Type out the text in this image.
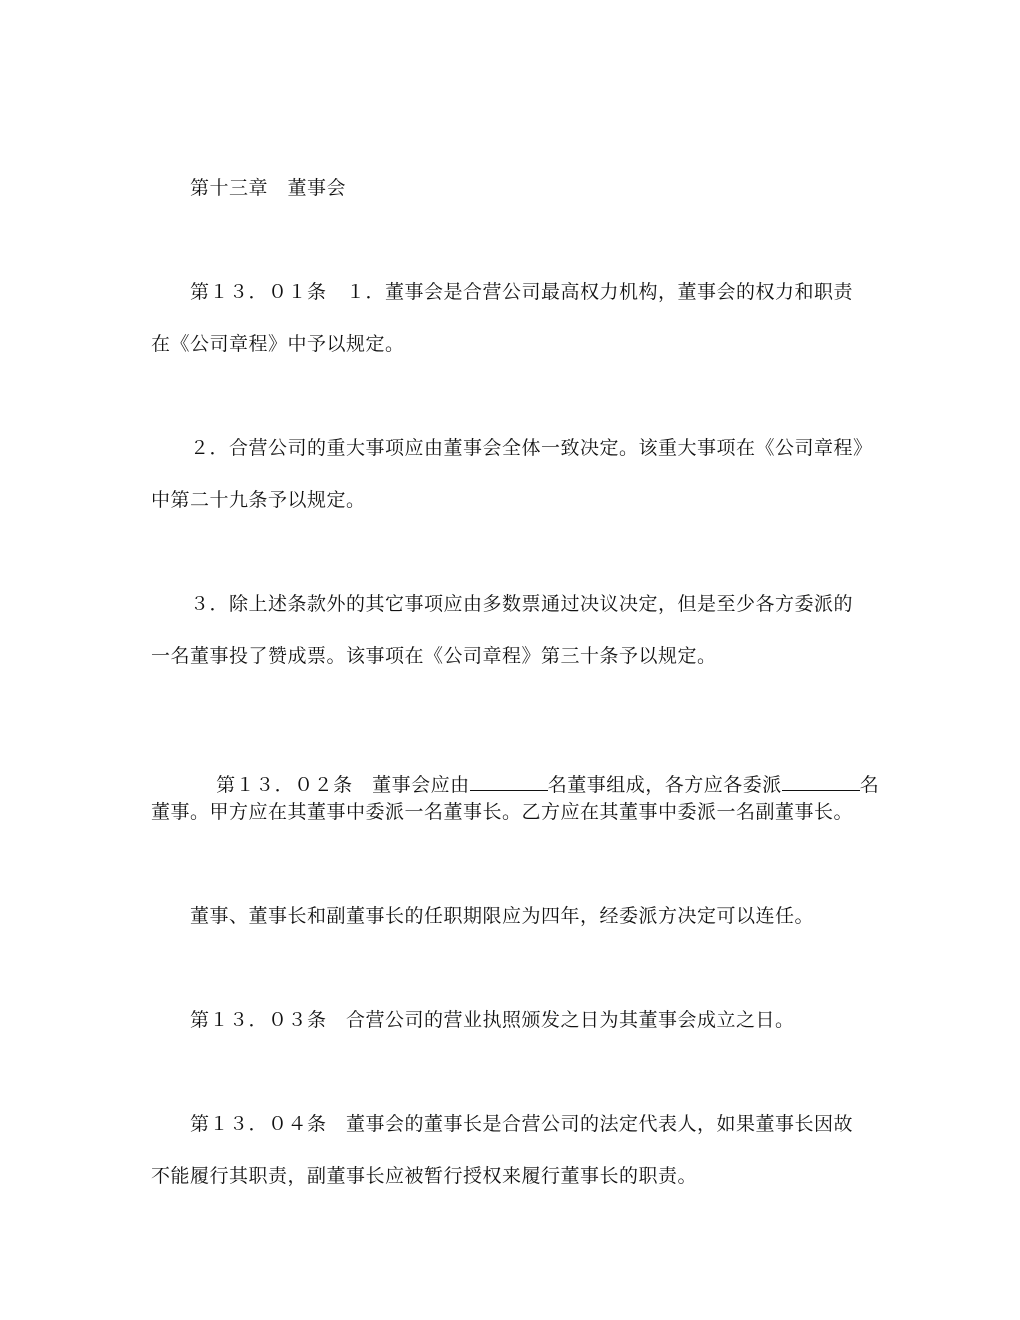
第十三章　董事会
第１３．０１条　１．董事会是合营公司最高权力机构，董事会的权力和职责
在《公司章程》中予以规定。
２．合营公司的重大事项应由董事会全体一致决定。该重大事项在《公司章程》
中第二十九条予以规定。
３．除上述条款外的其它事项应由多数票通过决议决定，但是至少各方委派的
一名董事投了赞成票。该事项在《公司章程》第三十条予以规定。

第１３．０２条　董事会应由	名董事组成，各方应各委派	名

董事。甲方应在其董事中委派一名董事长。乙方应在其董事中委派一名副董事长。
董事、董事长和副董事长的任职期限应为四年，经委派方决定可以连任。
第１３．０３条　合营公司的营业执照颁发之日为其董事会成立之日。
第１３．０４条　董事会的董事长是合营公司的法定代表人，如果董事长因故
不能履行其职责，副董事长应被暂行授权来履行董事长的职责。
